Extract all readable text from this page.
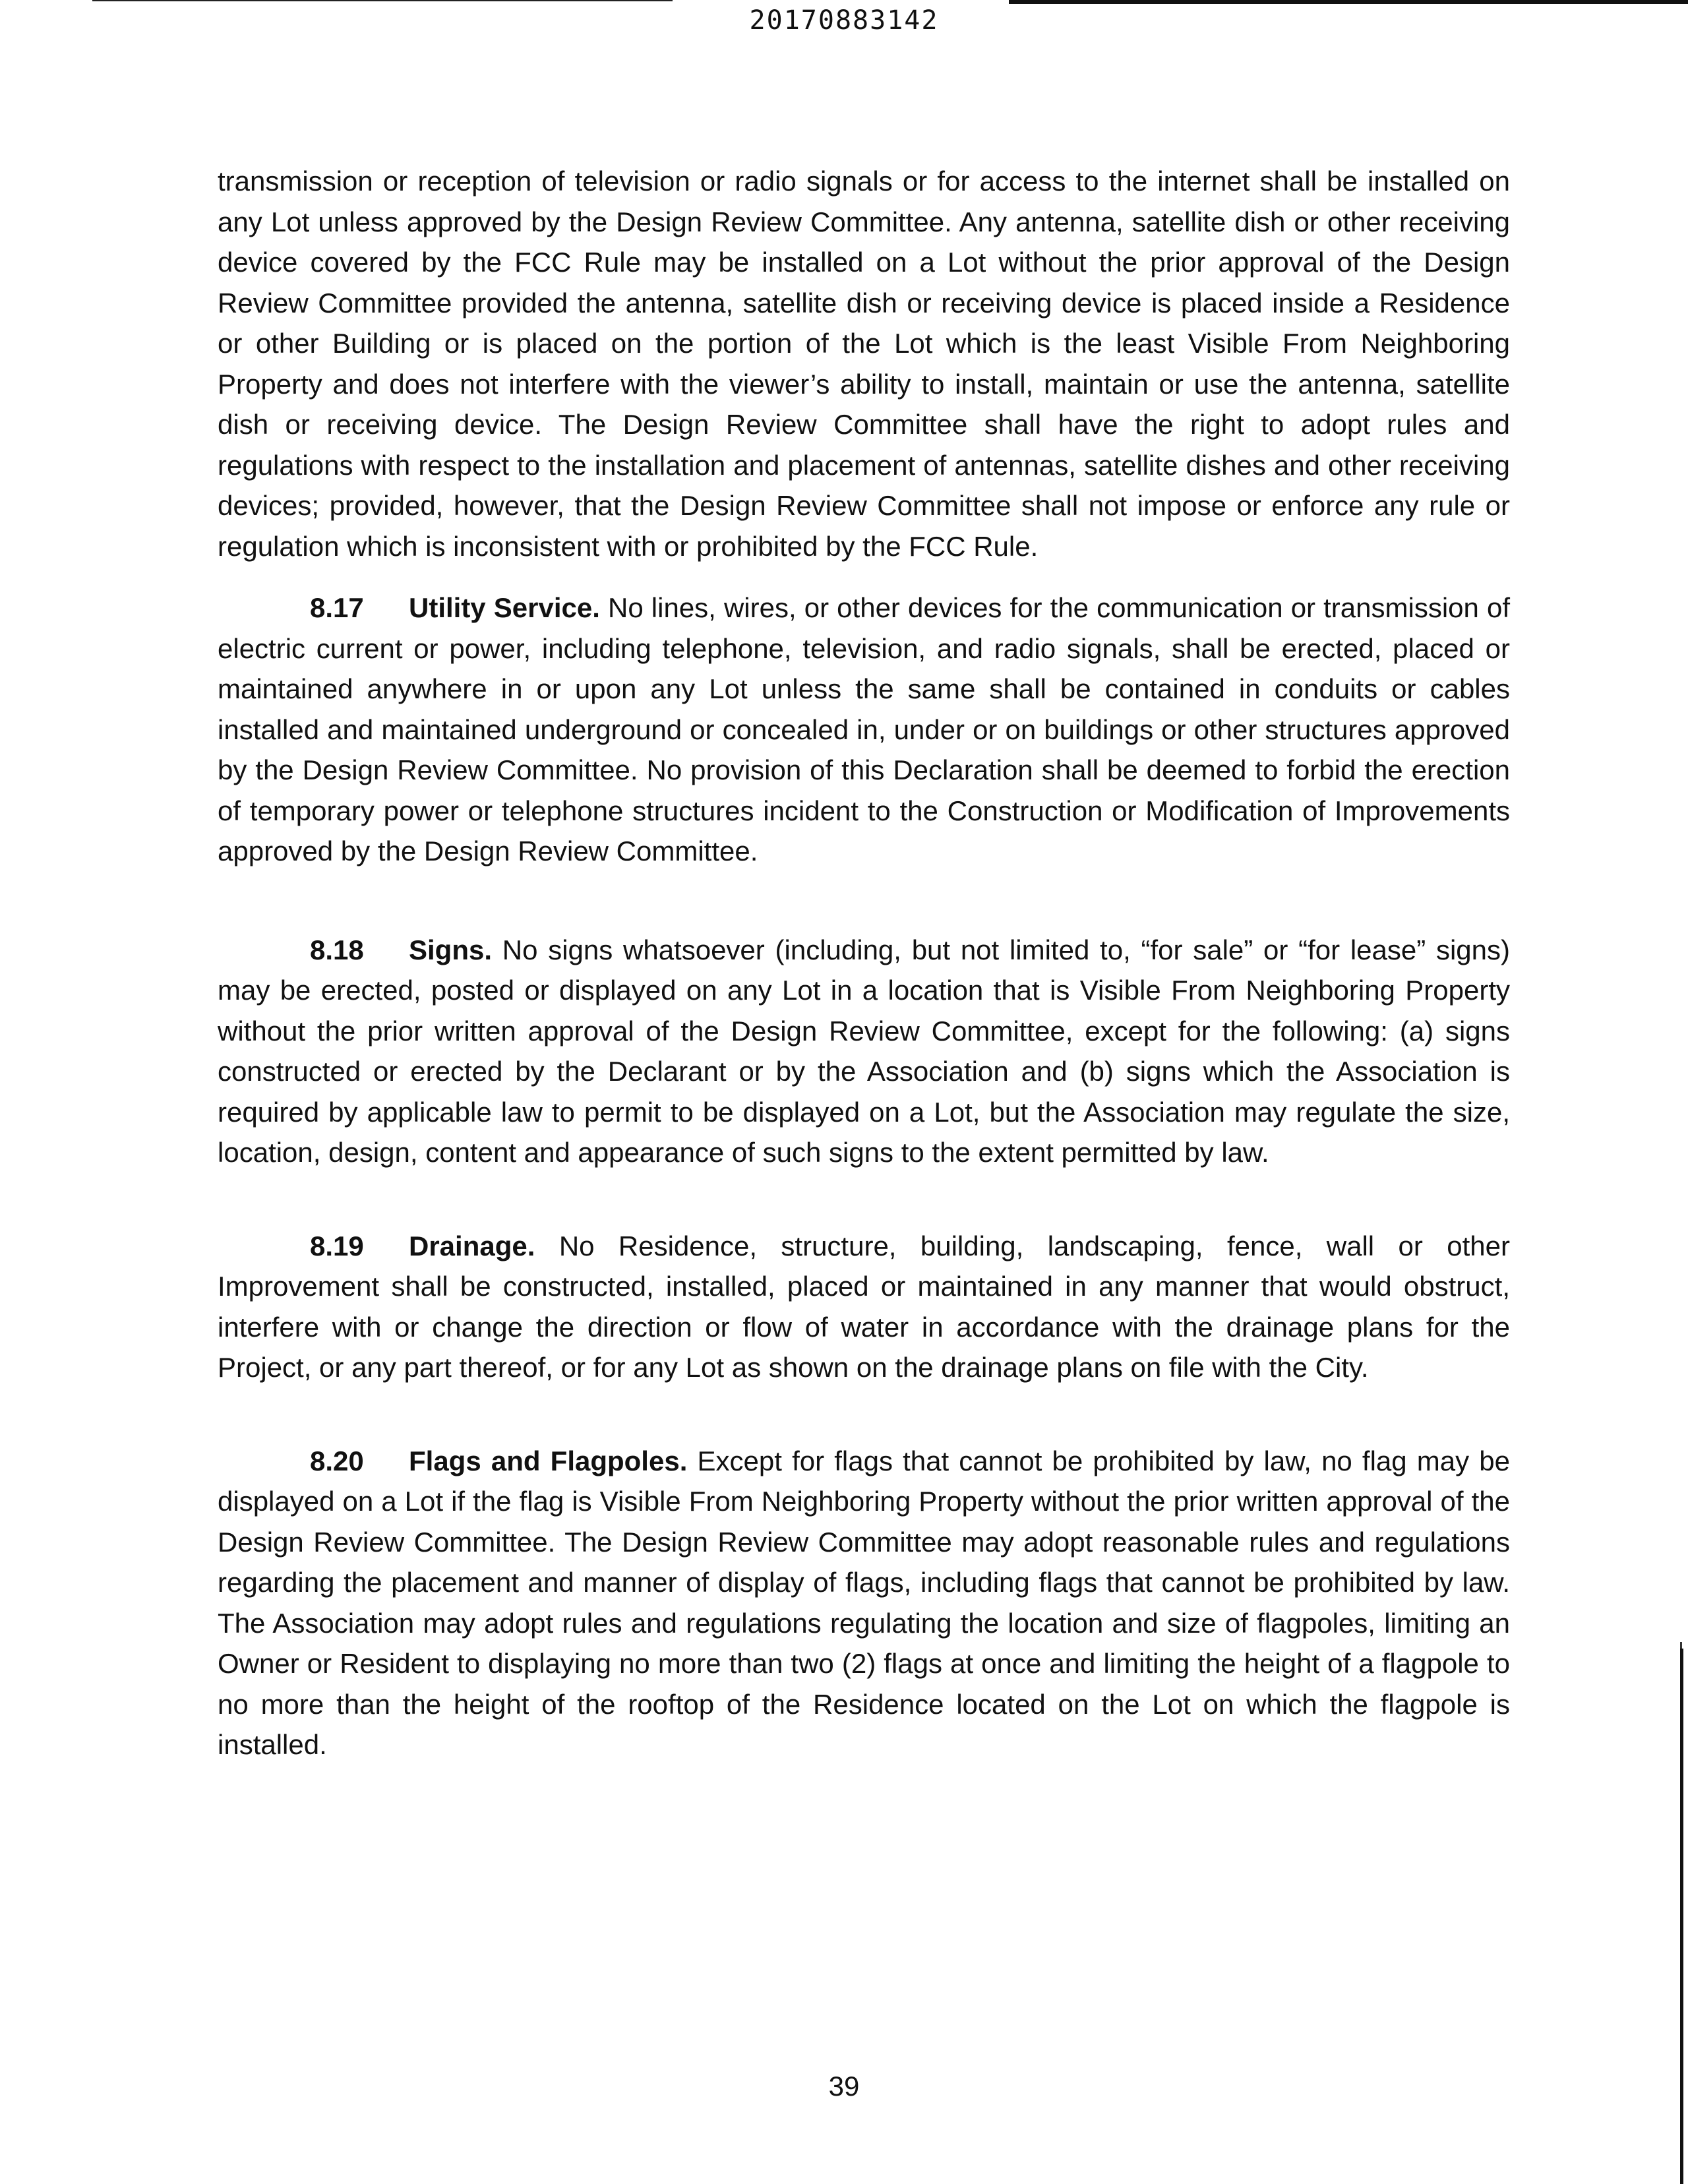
20170883142

transmission or reception of television or radio signals or for access to the internet shall be installed on any Lot unless approved by the Design Review Committee. Any antenna, satellite dish or other receiving device covered by the FCC Rule may be installed on a Lot without the prior approval of the Design Review Committee provided the antenna, satellite dish or receiving device is placed inside a Residence or other Building or is placed on the portion of the Lot which is the least Visible From Neighboring Property and does not interfere with the viewer’s ability to install, maintain or use the antenna, satellite dish or receiving device. The Design Review Committee shall have the right to adopt rules and regulations with respect to the installation and placement of antennas, satellite dishes and other receiving devices; provided, however, that the Design Review Committee shall not impose or enforce any rule or regulation which is inconsistent with or prohibited by the FCC Rule.

8.17 Utility Service. No lines, wires, or other devices for the communication or transmission of electric current or power, including telephone, television, and radio signals, shall be erected, placed or maintained anywhere in or upon any Lot unless the same shall be contained in conduits or cables installed and maintained underground or concealed in, under or on buildings or other structures approved by the Design Review Committee. No provision of this Declaration shall be deemed to forbid the erection of temporary power or telephone structures incident to the Construction or Modification of Improvements approved by the Design Review Committee.

8.18 Signs. No signs whatsoever (including, but not limited to, “for sale” or “for lease” signs) may be erected, posted or displayed on any Lot in a location that is Visible From Neighboring Property without the prior written approval of the Design Review Committee, except for the following: (a) signs constructed or erected by the Declarant or by the Association and (b) signs which the Association is required by applicable law to permit to be displayed on a Lot, but the Association may regulate the size, location, design, content and appearance of such signs to the extent permitted by law.

8.19 Drainage. No Residence, structure, building, landscaping, fence, wall or other Improvement shall be constructed, installed, placed or maintained in any manner that would obstruct, interfere with or change the direction or flow of water in accordance with the drainage plans for the Project, or any part thereof, or for any Lot as shown on the drainage plans on file with the City.

8.20 Flags and Flagpoles. Except for flags that cannot be prohibited by law, no flag may be displayed on a Lot if the flag is Visible From Neighboring Property without the prior written approval of the Design Review Committee. The Design Review Committee may adopt reasonable rules and regulations regarding the placement and manner of display of flags, including flags that cannot be prohibited by law. The Association may adopt rules and regulations regulating the location and size of flagpoles, limiting an Owner or Resident to displaying no more than two (2) flags at once and limiting the height of a flagpole to no more than the height of the rooftop of the Residence located on the Lot on which the flagpole is installed.

39
